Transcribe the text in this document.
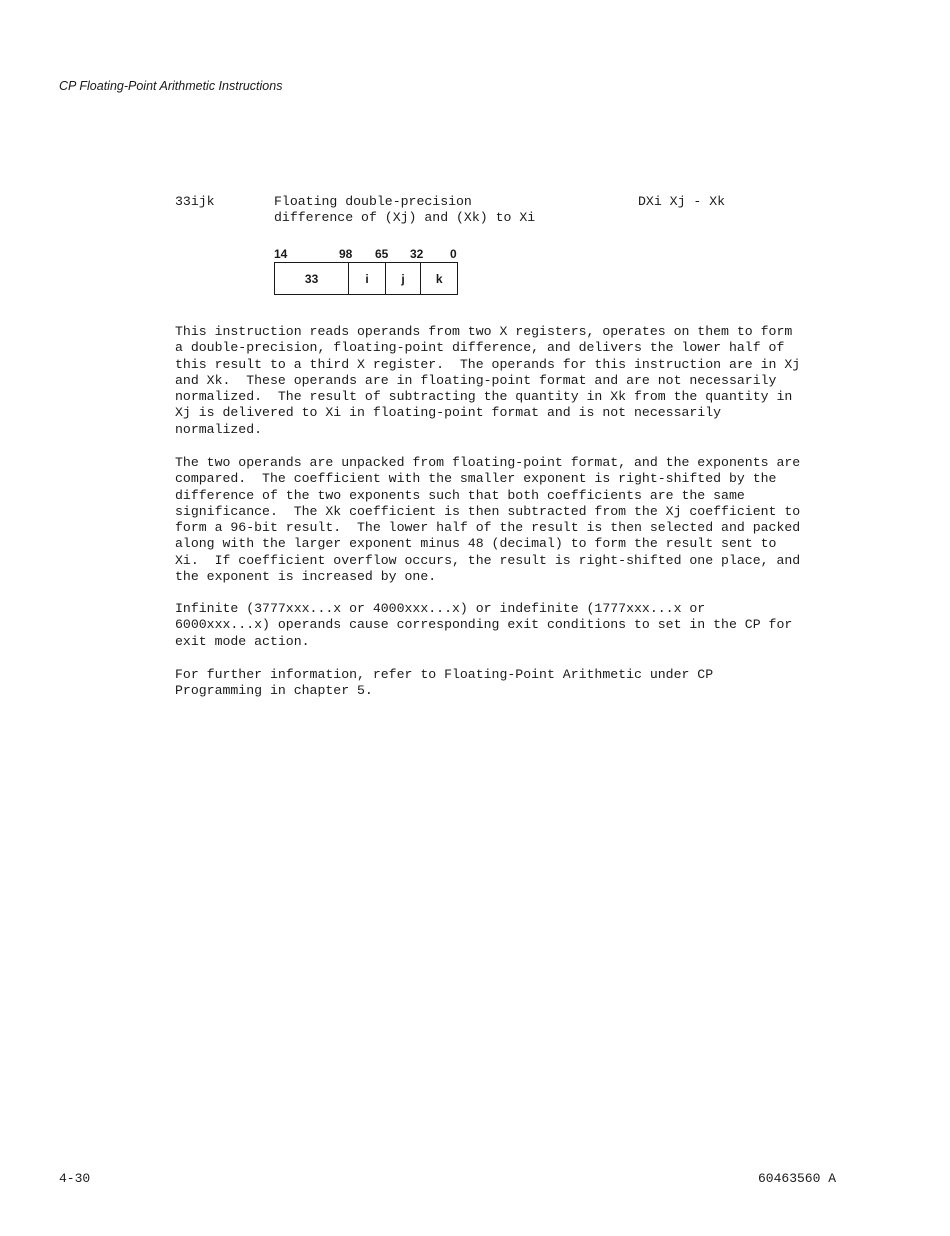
CP Floating-Point Arithmetic Instructions
33ijk	Floating double-precision
difference of (Xj) and (Xk) to Xi
DXi Xj - Xk
14	98 65 32 0
33	i	j	k
This instruction reads operands from two X registers, operates on them to form
a double-precision, floating-point difference, and delivers the lower half of
this result to a third X register.  The operands for this instruction are in Xj
and Xk.  These operands are in floating-point format and are not necessarily
normalized.  The result of subtracting the quantity in Xk from the quantity in
Xj is delivered to Xi in floating-point format and is not necessarily
normalized.
The two operands are unpacked from floating-point format, and the exponents are
compared.  The coefficient with the smaller exponent is right-shifted by the
difference of the two exponents such that both coefficients are the same
significance.  The Xk coefficient is then subtracted from the Xj coefficient to
form a 96-bit result.  The lower half of the result is then selected and packed
along with the larger exponent minus 48 (decimal) to form the result sent to
Xi.  If coefficient overflow occurs, the result is right-shifted one place, and
the exponent is increased by one.
Infinite (3777xxx...x or 4000xxx...x) or indefinite (1777xxx...x or
6000xxx...x) operands cause corresponding exit conditions to set in the CP for
exit mode action.
For further information, refer to Floating-Point Arithmetic under CP
Programming in chapter 5.
4-30	60463560 A
